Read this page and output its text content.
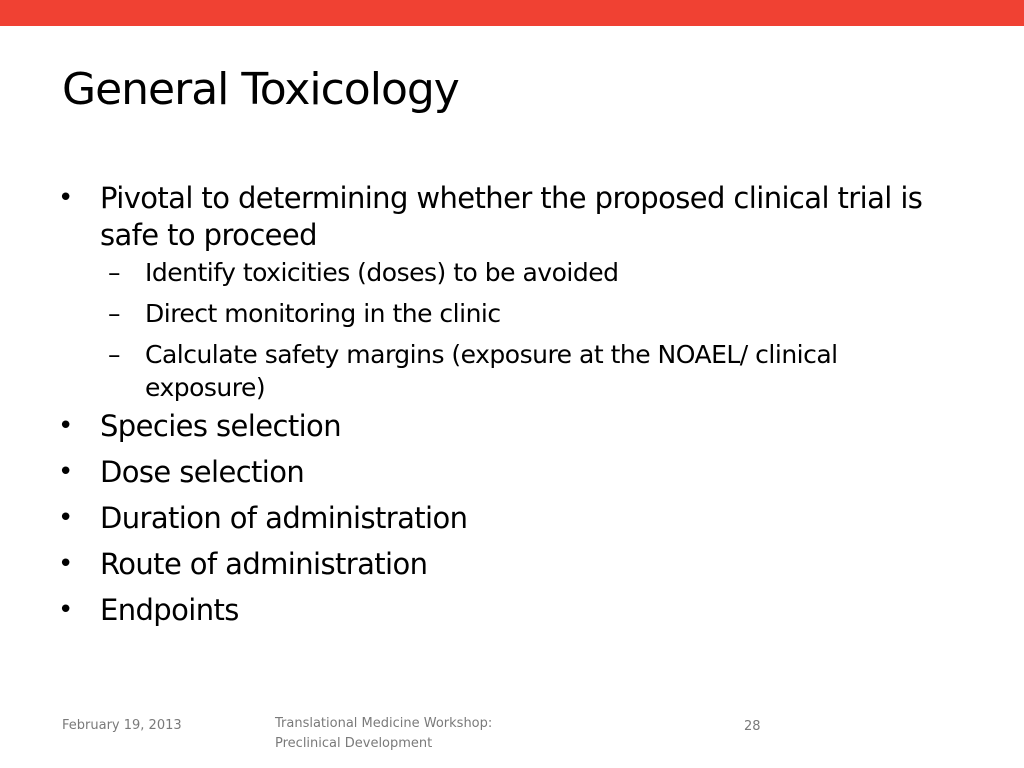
General Toxicology
• Pivotal to determining whether the proposed clinical trial is safe to proceed
–	Identify toxicities (doses) to be avoided
–	Direct monitoring in the clinic
–	Calculate safety margins (exposure at the NOAEL/ clinical exposure)
• Species selection
• Dose selection
• Duration of administration
• Route of administration
• Endpoints
February 19, 2013	Translational Medicine Workshop:
Preclinical Development
28
